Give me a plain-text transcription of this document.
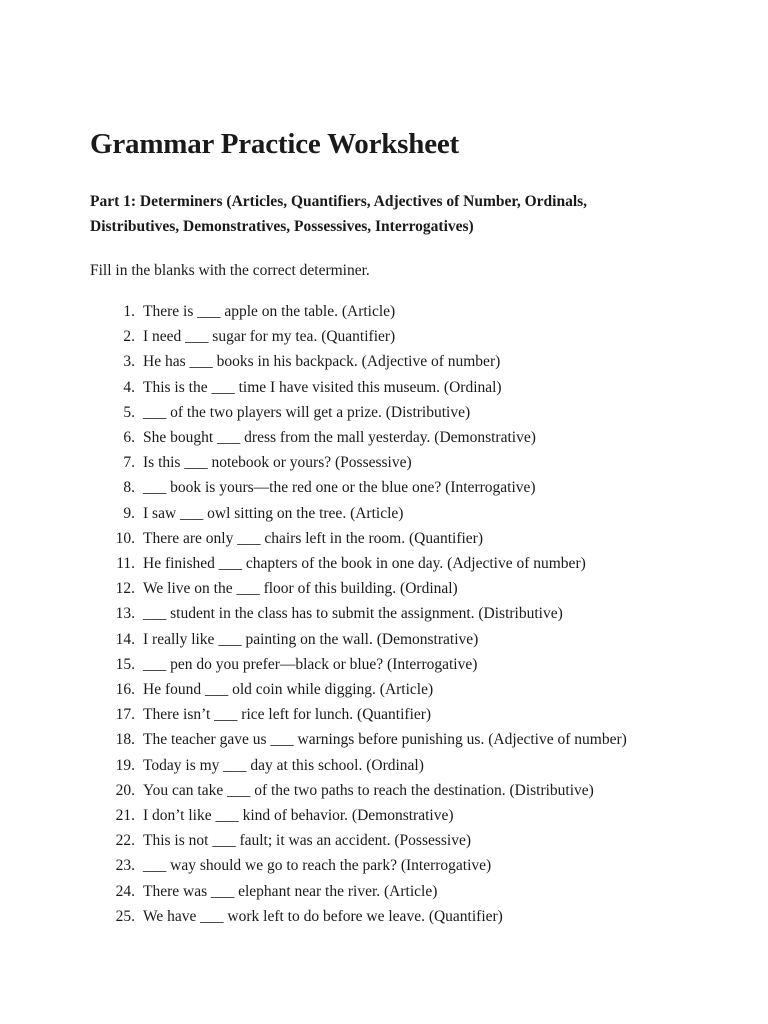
Grammar Practice Worksheet
Part 1: Determiners (Articles, Quantifiers, Adjectives of Number, Ordinals,
Distributives, Demonstratives, Possessives, Interrogatives)

Fill in the blanks with the correct determiner.

1. There is ___ apple on the table. (Article)
2. I need ___ sugar for my tea. (Quantifier)
3. He has ___ books in his backpack. (Adjective of number)
4. This is the ___ time I have visited this museum. (Ordinal)
5. ___ of the two players will get a prize. (Distributive)
6. She bought ___ dress from the mall yesterday. (Demonstrative)
7. Is this ___ notebook or yours? (Possessive)
8. ___ book is yours—the red one or the blue one? (Interrogative)
9. I saw ___ owl sitting on the tree. (Article)
10. There are only ___ chairs left in the room. (Quantifier)
11. He finished ___ chapters of the book in one day. (Adjective of number)
12. We live on the ___ floor of this building. (Ordinal)
13. ___ student in the class has to submit the assignment. (Distributive)
14. I really like ___ painting on the wall. (Demonstrative)
15. ___ pen do you prefer—black or blue? (Interrogative)
16. He found ___ old coin while digging. (Article)
17. There isn’t ___ rice left for lunch. (Quantifier)
18. The teacher gave us ___ warnings before punishing us. (Adjective of number)
19. Today is my ___ day at this school. (Ordinal)
20. You can take ___ of the two paths to reach the destination. (Distributive)
21. I don’t like ___ kind of behavior. (Demonstrative)
22. This is not ___ fault; it was an accident. (Possessive)
23. ___ way should we go to reach the park? (Interrogative)
24. There was ___ elephant near the river. (Article)
25. We have ___ work left to do before we leave. (Quantifier)
